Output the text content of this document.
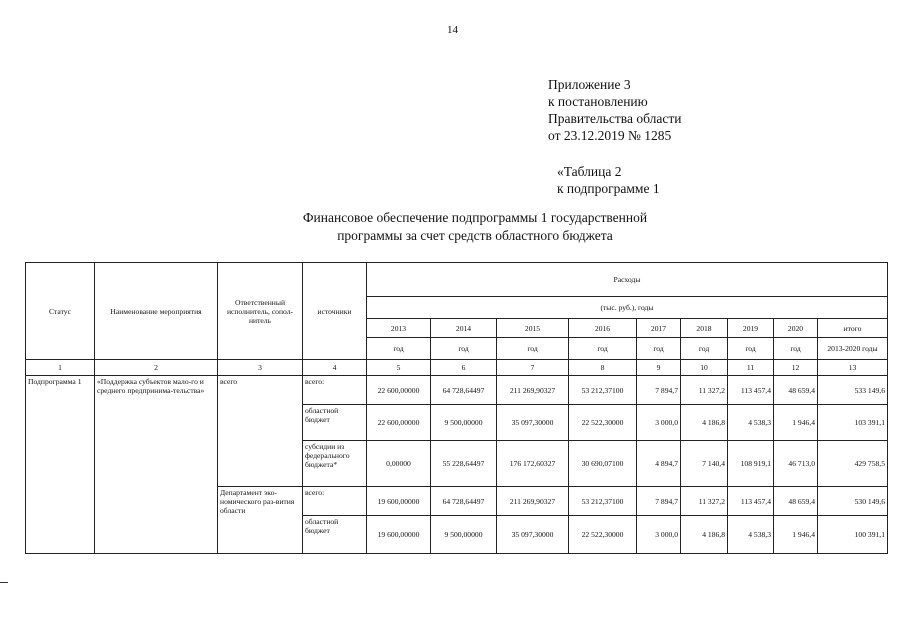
14
Приложение 3
к постановлению
Правительства области
от 23.12.2019 № 1285
«Таблица 2
к подпрограмме 1
Финансовое обеспечение подпрограммы 1 государственной
программы за счет средств областного бюджета
Статус	Наименование мероприятия	Ответственный исполнитель, сопол-нитель	источники	Расходы								
				(тыс. руб.), годы								
				2013	2014	2015	2016	2017	2018	2019	2020	итого
				год	год	год	год	год	год	год	год	2013-2020 годы
1	2	3	4	5	6	7	8	9	10	11	12	13
Подпрограмма 1	«Поддержка субъектов мало-го и среднего предпринима-тельства»	всего	всего:	22 600,00000	64 728,64497	211 269,90327	53 212,37100	7 894,7	11 327,2	113 457,4	48 659,4	533 149,6
			областной бюджет	22 600,00000	9 500,00000	35 097,30000	22 522,30000	3 000,0	4 186,8	4 538,3	1 946,4	103 391,1
			субсидии из федерального бюджета*	0,00000	55 228,64497	176 172,60327	30 690,07100	4 894,7	7 140,4	108 919,1	46 713,0	429 758,5
		Департамент эко-номического раз-вития области	всего:	19 600,00000	64 728,64497	211 269,90327	53 212,37100	7 894,7	11 327,2	113 457,4	48 659,4	530 149,6
			областной бюджет	19 600,00000	9 500,00000	35 097,30000	22 522,30000	3 000,0	4 186,8	4 538,3	1 946,4	100 391,1
